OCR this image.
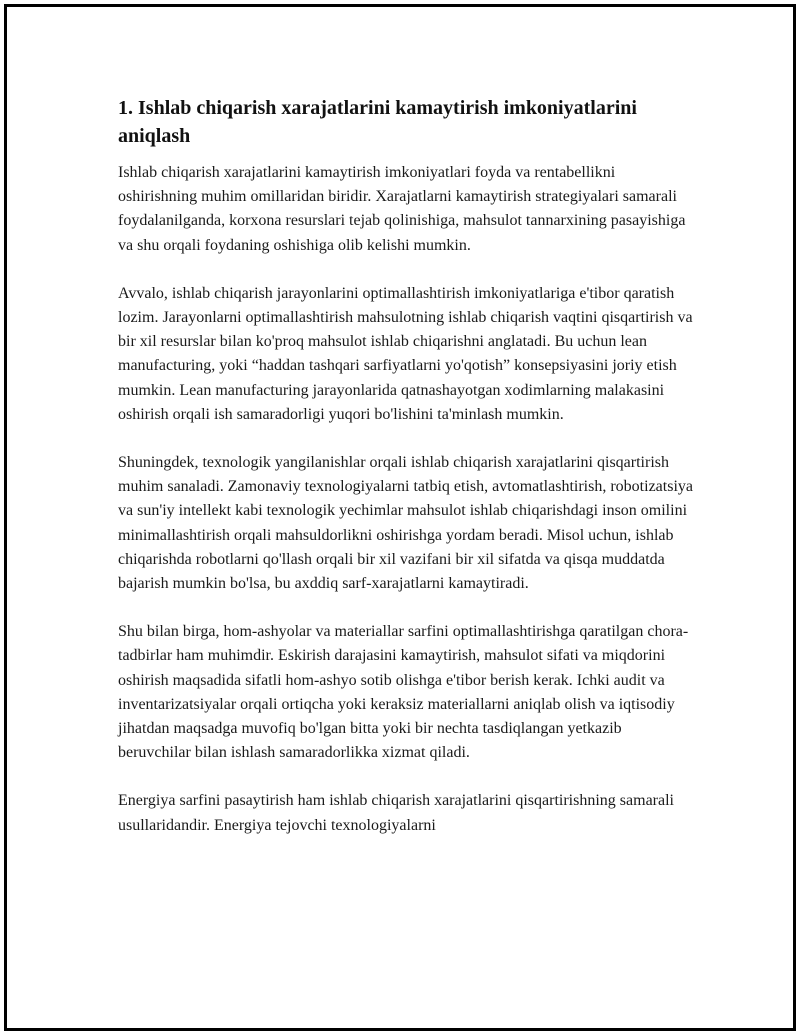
1. Ishlab chiqarish xarajatlarini kamaytirish imkoniyatlarini aniqlash

Ishlab chiqarish xarajatlarini kamaytirish imkoniyatlari foyda va rentabellikni oshirishning muhim omillaridan biridir. Xarajatlarni kamaytirish strategiyalari samarali foydalanilganda, korxona resurslari tejab qolinishiga, mahsulot tannarxining pasayishiga va shu orqali foydaning oshishiga olib kelishi mumkin.

Avvalo, ishlab chiqarish jarayonlarini optimallashtirish imkoniyatlariga e'tibor qaratish lozim. Jarayonlarni optimallashtirish mahsulotning ishlab chiqarish vaqtini qisqartirish va bir xil resurslar bilan ko'proq mahsulot ishlab chiqarishni anglatadi. Bu uchun lean manufacturing, yoki “haddan tashqari sarfiyatlarni yo'qotish” konsepsiyasini joriy etish mumkin. Lean manufacturing jarayonlarida qatnashayotgan xodimlarning malakasini oshirish orqali ish samaradorligi yuqori bo'lishini ta'minlash mumkin.

Shuningdek, texnologik yangilanishlar orqali ishlab chiqarish xarajatlarini qisqartirish muhim sanaladi. Zamonaviy texnologiyalarni tatbiq etish, avtomatlashtirish, robotizatsiya va sun'iy intellekt kabi texnologik yechimlar mahsulot ishlab chiqarishdagi inson omilini minimallashtirish orqali mahsuldorlikni oshirishga yordam beradi. Misol uchun, ishlab chiqarishda robotlarni qo'llash orqali bir xil vazifani bir xil sifatda va qisqa muddatda bajarish mumkin bo'lsa, bu axddiq sarf-xarajatlarni kamaytiradi.

Shu bilan birga, hom-ashyolar va materiallar sarfini optimallashtirishga qaratilgan chora-tadbirlar ham muhimdir. Eskirish darajasini kamaytirish, mahsulot sifati va miqdorini oshirish maqsadida sifatli hom-ashyo sotib olishga e'tibor berish kerak. Ichki audit va inventarizatsiyalar orqali ortiqcha yoki keraksiz materiallarni aniqlab olish va iqtisodiy jihatdan maqsadga muvofiq bo'lgan bitta yoki bir nechta tasdiqlangan yetkazib beruvchilar bilan ishlash samaradorlikka xizmat qiladi.

Energiya sarfini pasaytirish ham ishlab chiqarish xarajatlarini qisqartirishning samarali usullaridandir. Energiya tejovchi texnologiyalarni
